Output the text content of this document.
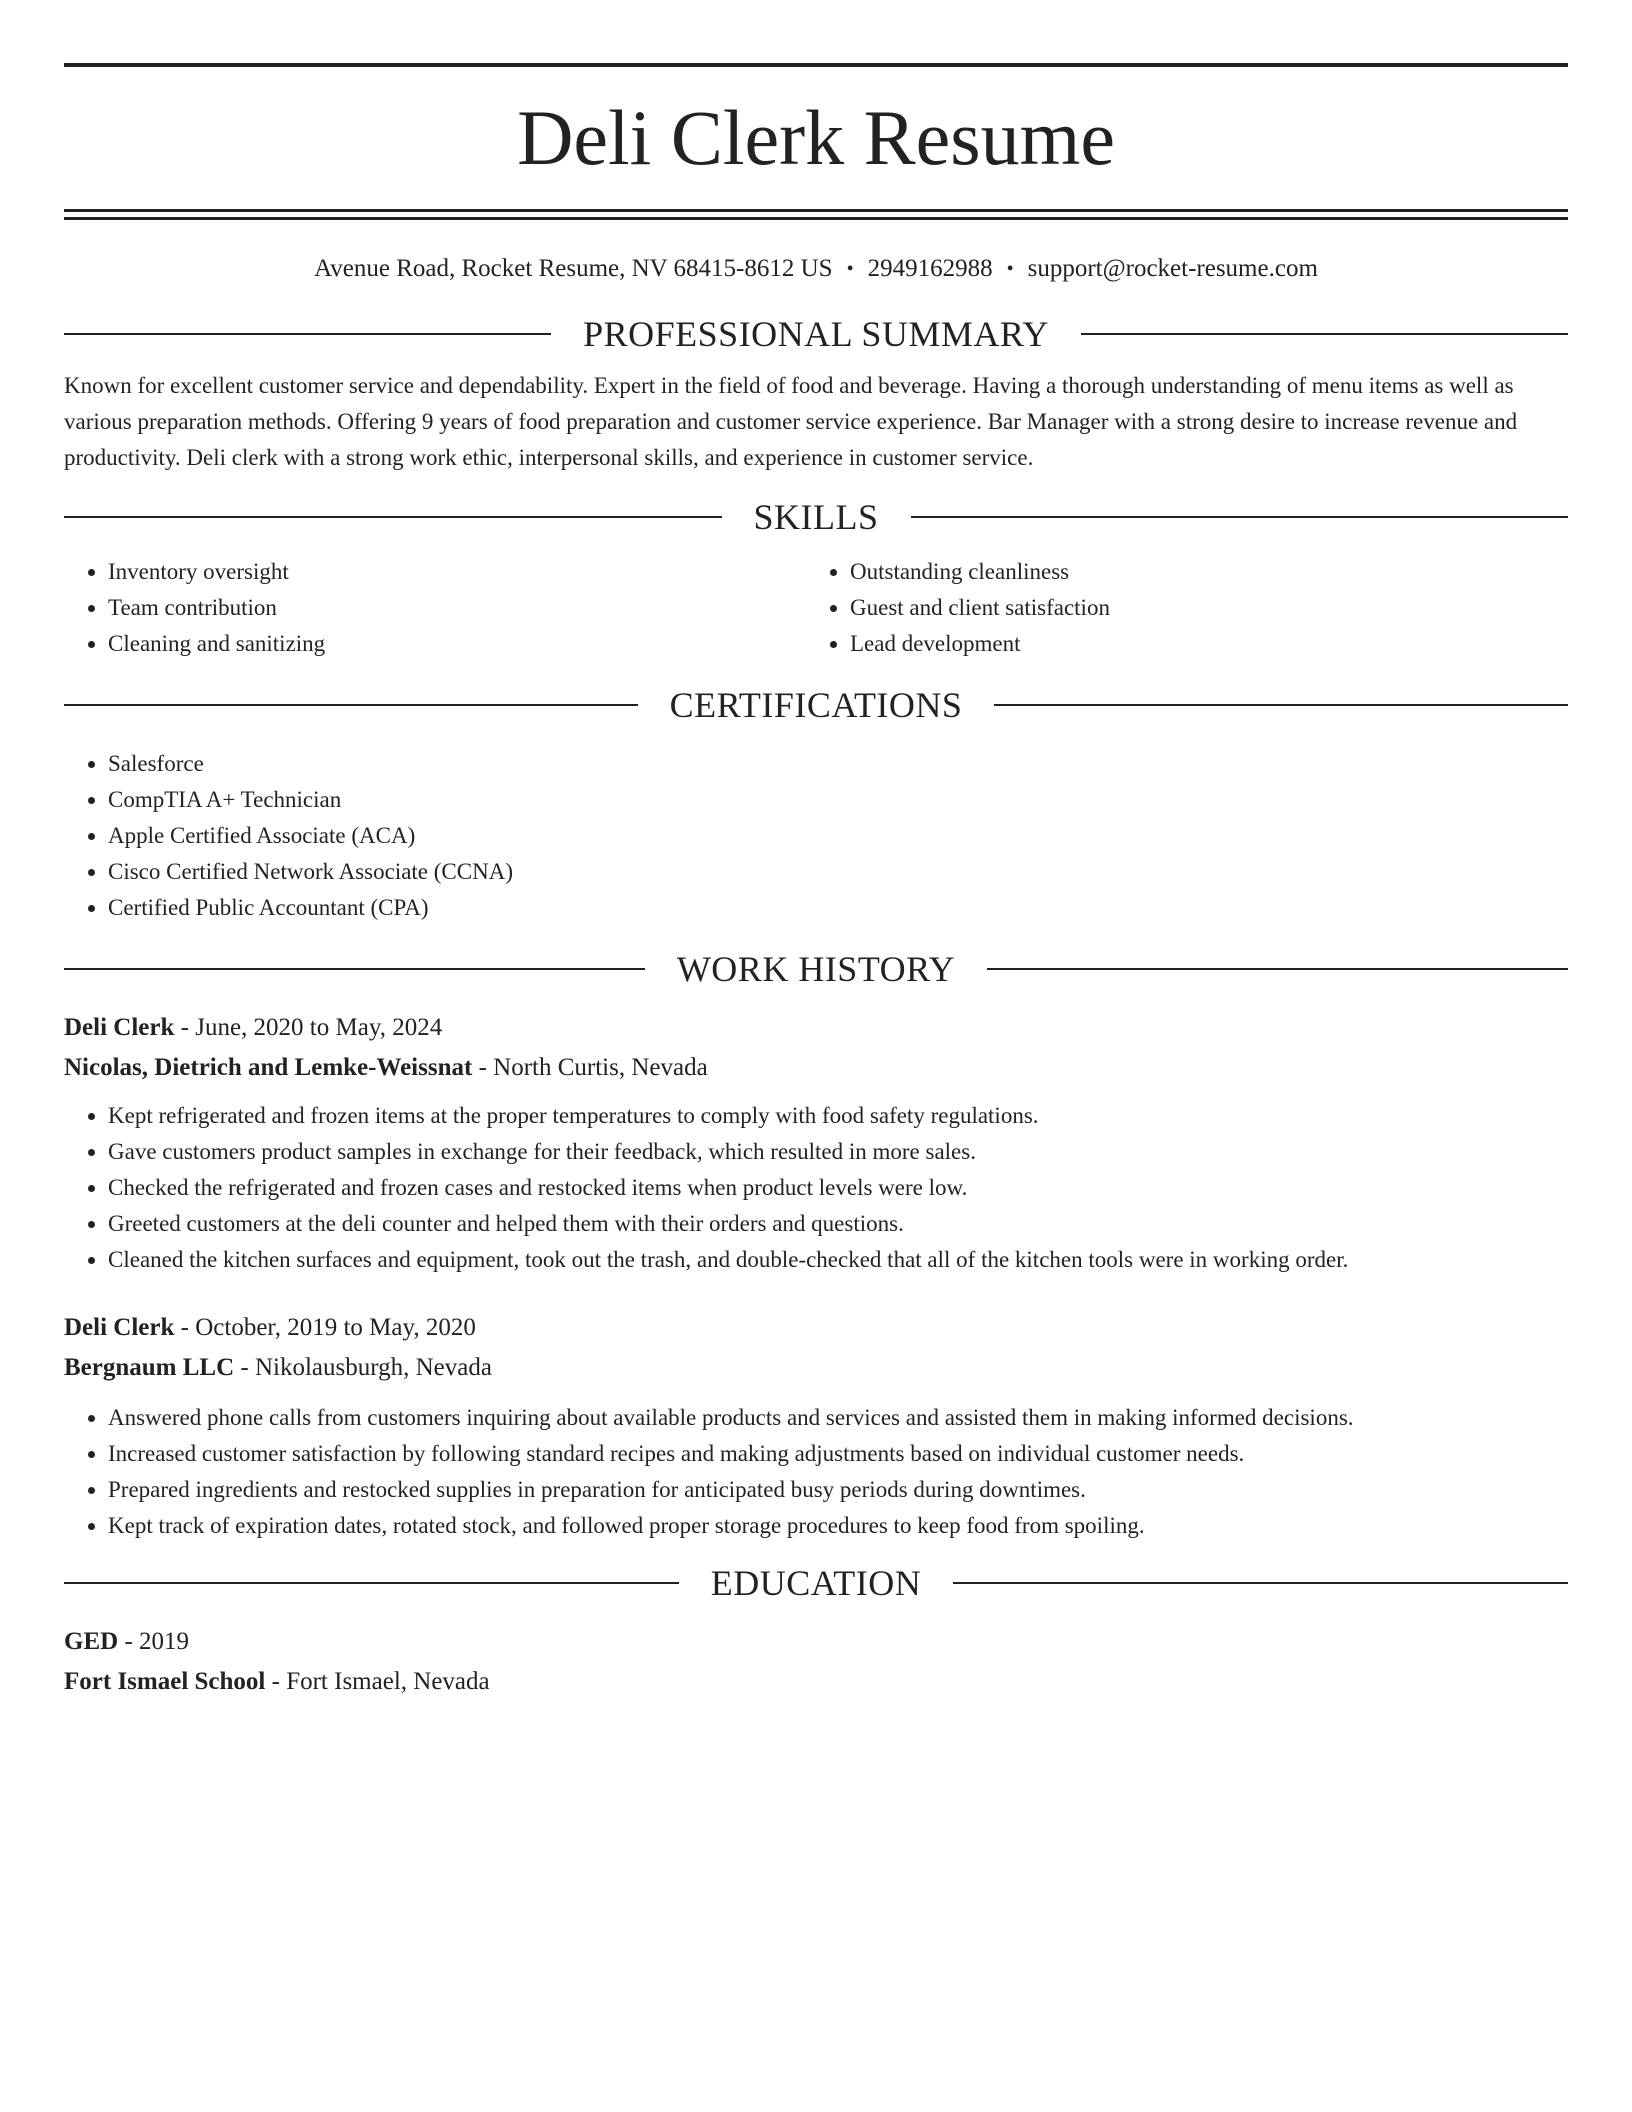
Deli Clerk Resume
Avenue Road, Rocket Resume, NV 68415-8612 US • 2949162988 • support@rocket-resume.com
PROFESSIONAL SUMMARY

Known for excellent customer service and dependability. Expert in the field of food and beverage. Having a thorough understanding of menu items as well as various preparation methods. Offering 9 years of food preparation and customer service experience. Bar Manager with a strong desire to increase revenue and productivity. Deli clerk with a strong work ethic, interpersonal skills, and experience in customer service.

SKILLS
• Inventory oversight
• Team contribution
• Cleaning and sanitizing
• Outstanding cleanliness
• Guest and client satisfaction
• Lead development
CERTIFICATIONS
• Salesforce
• CompTIA A+ Technician
• Apple Certified Associate (ACA)
• Cisco Certified Network Associate (CCNA)
• Certified Public Accountant (CPA)
WORK HISTORY
Deli Clerk - June, 2020 to May, 2024
Nicolas, Dietrich and Lemke-Weissnat - North Curtis, Nevada
• Kept refrigerated and frozen items at the proper temperatures to comply with food safety regulations.
• Gave customers product samples in exchange for their feedback, which resulted in more sales.
• Checked the refrigerated and frozen cases and restocked items when product levels were low.
• Greeted customers at the deli counter and helped them with their orders and questions.
• Cleaned the kitchen surfaces and equipment, took out the trash, and double-checked that all of the kitchen tools were in working order.
Deli Clerk - October, 2019 to May, 2020
Bergnaum LLC - Nikolausburgh, Nevada
• Answered phone calls from customers inquiring about available products and services and assisted them in making informed decisions.
• Increased customer satisfaction by following standard recipes and making adjustments based on individual customer needs.
• Prepared ingredients and restocked supplies in preparation for anticipated busy periods during downtimes.
• Kept track of expiration dates, rotated stock, and followed proper storage procedures to keep food from spoiling.
EDUCATION
GED - 2019
Fort Ismael School - Fort Ismael, Nevada
